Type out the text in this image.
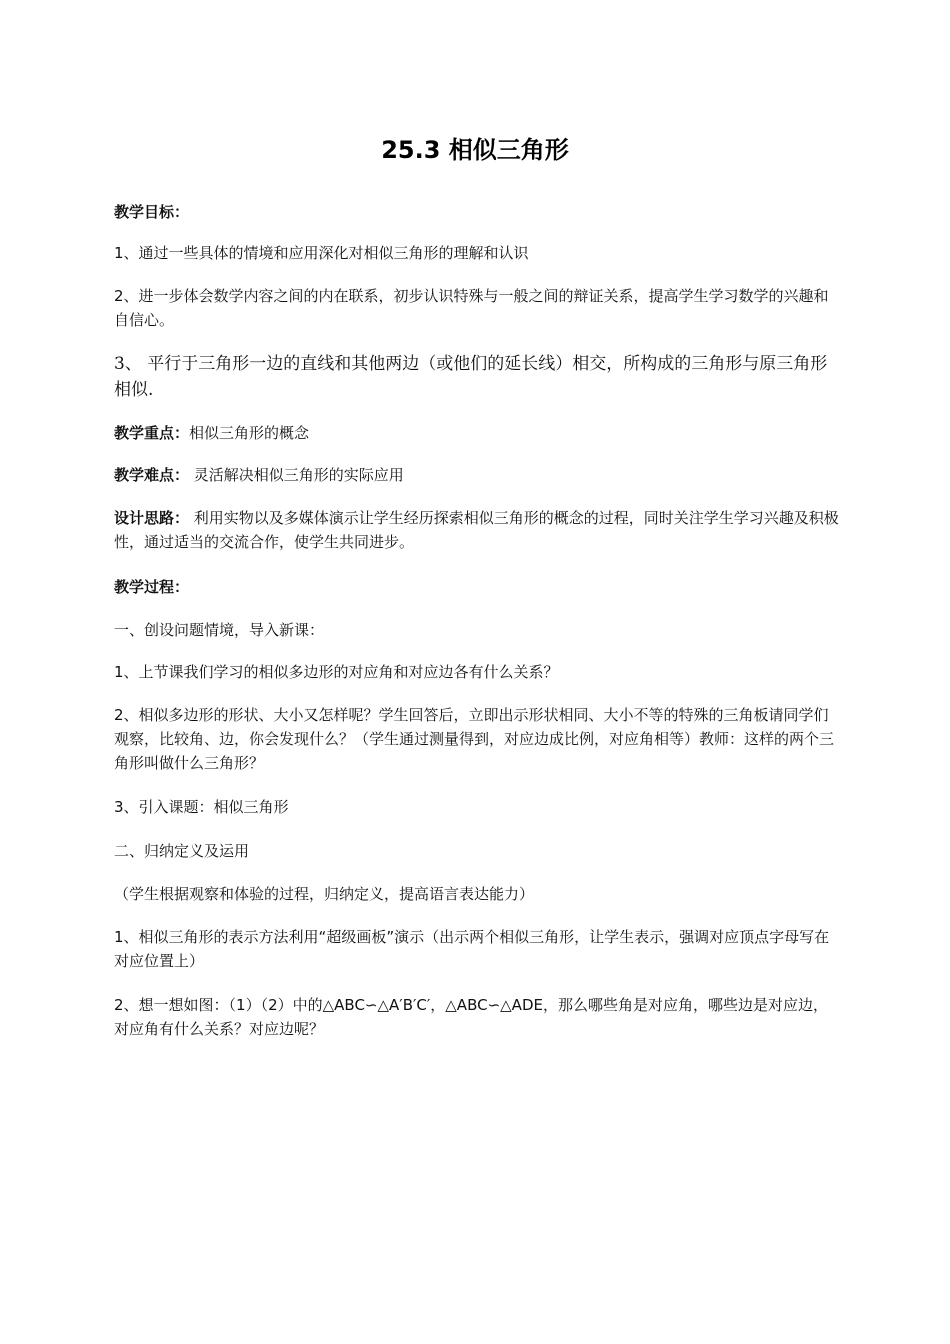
25.3 相似三角形

教学目标：

1、通过一些具体的情境和应用深化对相似三角形的理解和认识

2、进一步体会数学内容之间的内在联系，初步认识特殊与一般之间的辩证关系，提高学生学习数学的兴趣和自信心。

3、 平行于三角形一边的直线和其他两边（或他们的延长线）相交，所构成的三角形与原三角形相似.

教学重点：相似三角形的概念

教学难点： 灵活解决相似三角形的实际应用

设计思路： 利用实物以及多媒体演示让学生经历探索相似三角形的概念的过程，同时关注学生学习兴趣及积极性，通过适当的交流合作，使学生共同进步。

教学过程：

一、创设问题情境，导入新课：

1、上节课我们学习的相似多边形的对应角和对应边各有什么关系？

2、相似多边形的形状、大小又怎样呢？学生回答后，立即出示形状相同、大小不等的特殊的三角板请同学们观察，比较角、边，你会发现什么？（学生通过测量得到，对应边成比例，对应角相等）教师：这样的两个三角形叫做什么三角形？

3、引入课题：相似三角形

二、归纳定义及运用

（学生根据观察和体验的过程，归纳定义，提高语言表达能力）

1、相似三角形的表示方法利用“超级画板”演示（出示两个相似三角形，让学生表示，强调对应顶点字母写在对应位置上）

2、想一想如图：（1）（2）中的△ABC∽△A′B′C′，△ABC∽△ADE，那么哪些角是对应角，哪些边是对应边，对应角有什么关系？对应边呢？
